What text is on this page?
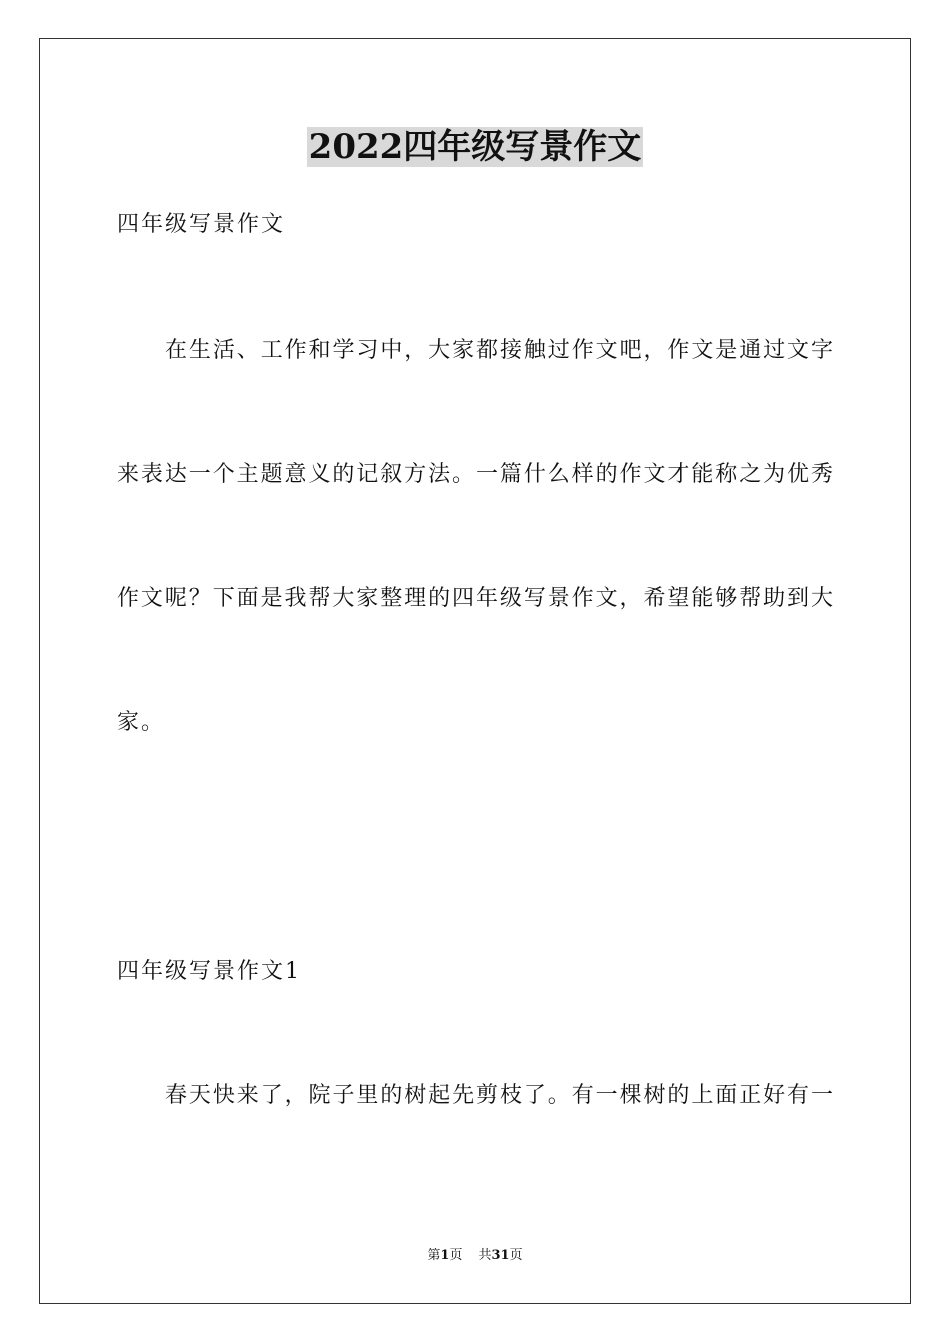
2022四年级写景作文
四年级写景作文
在生活、工作和学习中，大家都接触过作文吧，作文是通过文字
来表达一个主题意义的记叙方法。一篇什么样的作文才能称之为优秀
作文呢？下面是我帮大家整理的四年级写景作文，希望能够帮助到大
家。
四年级写景作文1
春天快来了，院子里的树起先剪枝了。有一棵树的上面正好有一
第1页 共31页
